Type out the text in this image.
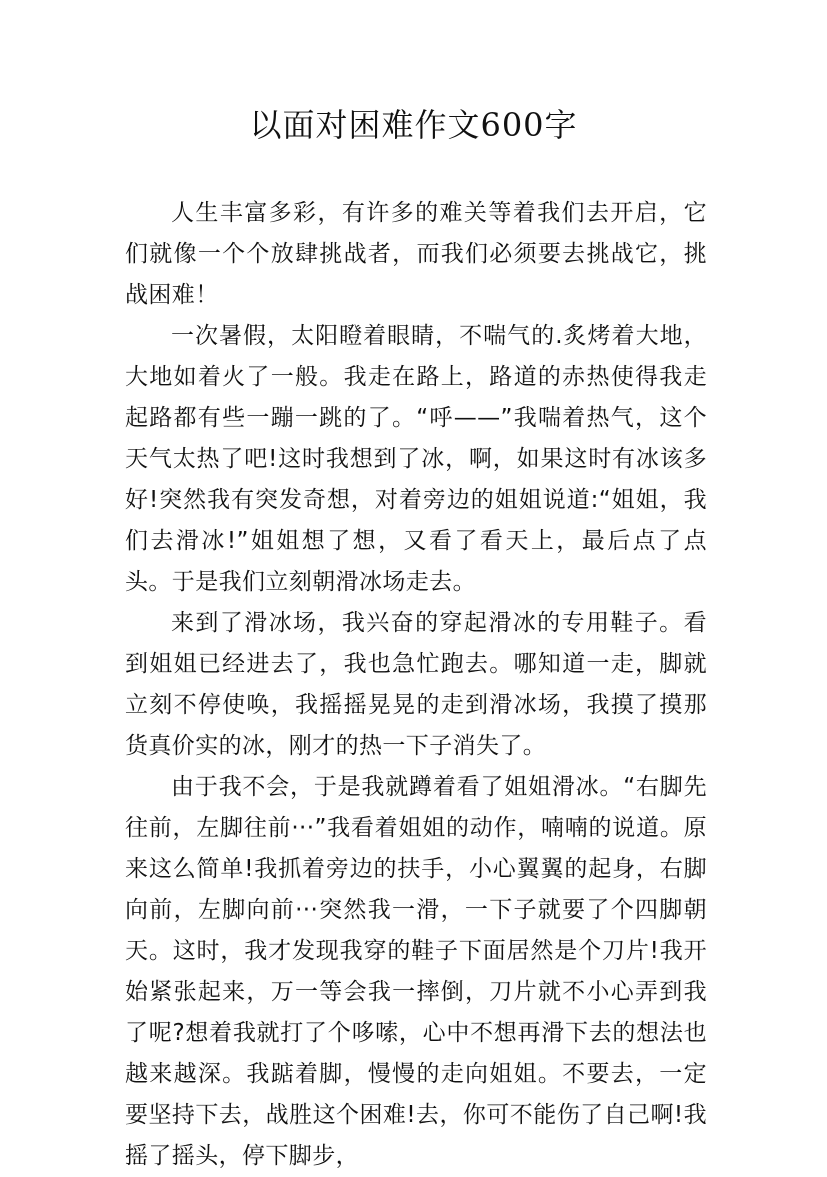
以面对困难作文600字

人生丰富多彩，有许多的难关等着我们去开启，它们就像一个个放肆挑战者，而我们必须要去挑战它，挑战困难！

一次暑假，太阳瞪着眼睛，不喘气的.炙烤着大地，大地如着火了一般。我走在路上，路道的赤热使得我走起路都有些一蹦一跳的了。“呼——”我喘着热气，这个天气太热了吧!这时我想到了冰，啊，如果这时有冰该多好!突然我有突发奇想，对着旁边的姐姐说道:“姐姐，我们去滑冰!”姐姐想了想，又看了看天上，最后点了点头。于是我们立刻朝滑冰场走去。

来到了滑冰场，我兴奋的穿起滑冰的专用鞋子。看到姐姐已经进去了，我也急忙跑去。哪知道一走，脚就立刻不停使唤，我摇摇晃晃的走到滑冰场，我摸了摸那货真价实的冰，刚才的热一下子消失了。

由于我不会，于是我就蹲着看了姐姐滑冰。“右脚先往前，左脚往前···”我看着姐姐的动作，喃喃的说道。原来这么简单!我抓着旁边的扶手，小心翼翼的起身，右脚向前，左脚向前···突然我一滑，一下子就要了个四脚朝天。这时，我才发现我穿的鞋子下面居然是个刀片!我开始紧张起来，万一等会我一摔倒，刀片就不小心弄到我了呢?想着我就打了个哆嗦，心中不想再滑下去的想法也越来越深。我踮着脚，慢慢的走向姐姐。不要去，一定要坚持下去，战胜这个困难!去，你可不能伤了自己啊!我摇了摇头，停下脚步，
